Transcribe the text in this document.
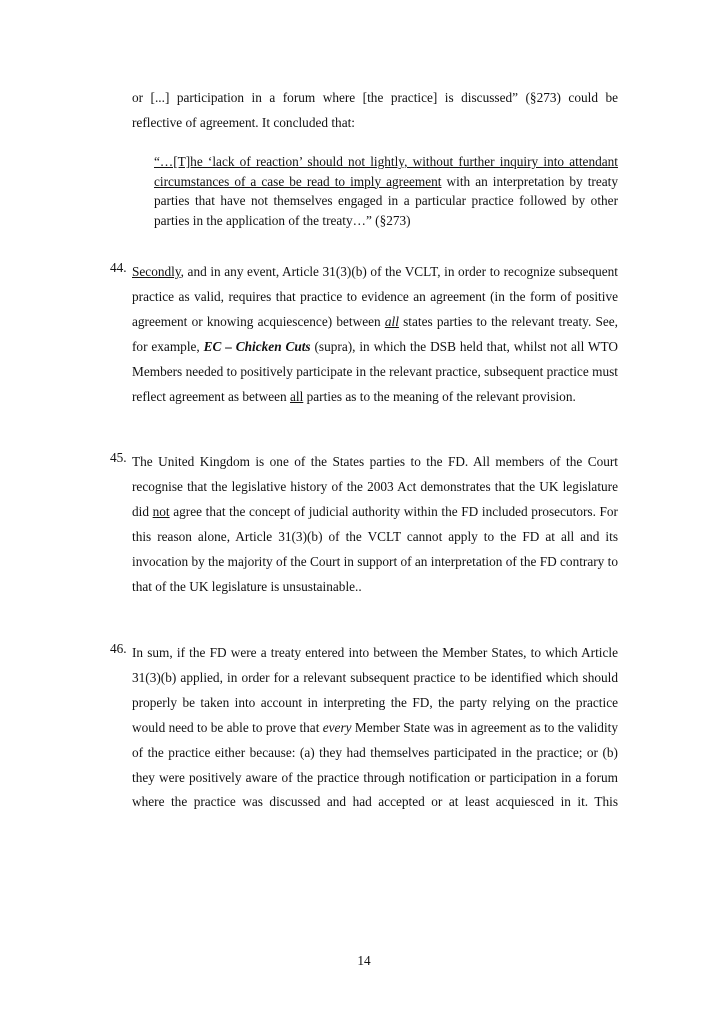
or [...] participation in a forum where [the practice] is discussed” (§273) could be
reflective of agreement. It concluded that:
“…[T]he ‘lack of reaction’ should not lightly, without further inquiry into attendant circumstances of a case be read to imply agreement with an interpretation by treaty parties that have not themselves engaged in a particular practice followed by other parties in the application of the treaty…” (§273)
44. Secondly, and in any event, Article 31(3)(b) of the VCLT, in order to recognize subsequent practice as valid, requires that practice to evidence an agreement (in the form of positive agreement or knowing acquiescence) between all states parties to the relevant treaty. See, for example, EC – Chicken Cuts (supra), in which the DSB held that, whilst not all WTO Members needed to positively participate in the relevant practice, subsequent practice must reflect agreement as between all parties as to the meaning of the relevant provision.
45. The United Kingdom is one of the States parties to the FD. All members of the Court recognise that the legislative history of the 2003 Act demonstrates that the UK legislature did not agree that the concept of judicial authority within the FD included prosecutors. For this reason alone, Article 31(3)(b) of the VCLT cannot apply to the FD at all and its invocation by the majority of the Court in support of an interpretation of the FD contrary to that of the UK legislature is unsustainable..
46. In sum, if the FD were a treaty entered into between the Member States, to which Article 31(3)(b) applied, in order for a relevant subsequent practice to be identified which should properly be taken into account in interpreting the FD, the party relying on the practice would need to be able to prove that every Member State was in agreement as to the validity of the practice either because: (a) they had themselves participated in the practice; or (b) they were positively aware of the practice through notification or participation in a forum where the practice was discussed and had accepted or at least acquiesced in it. This
14
